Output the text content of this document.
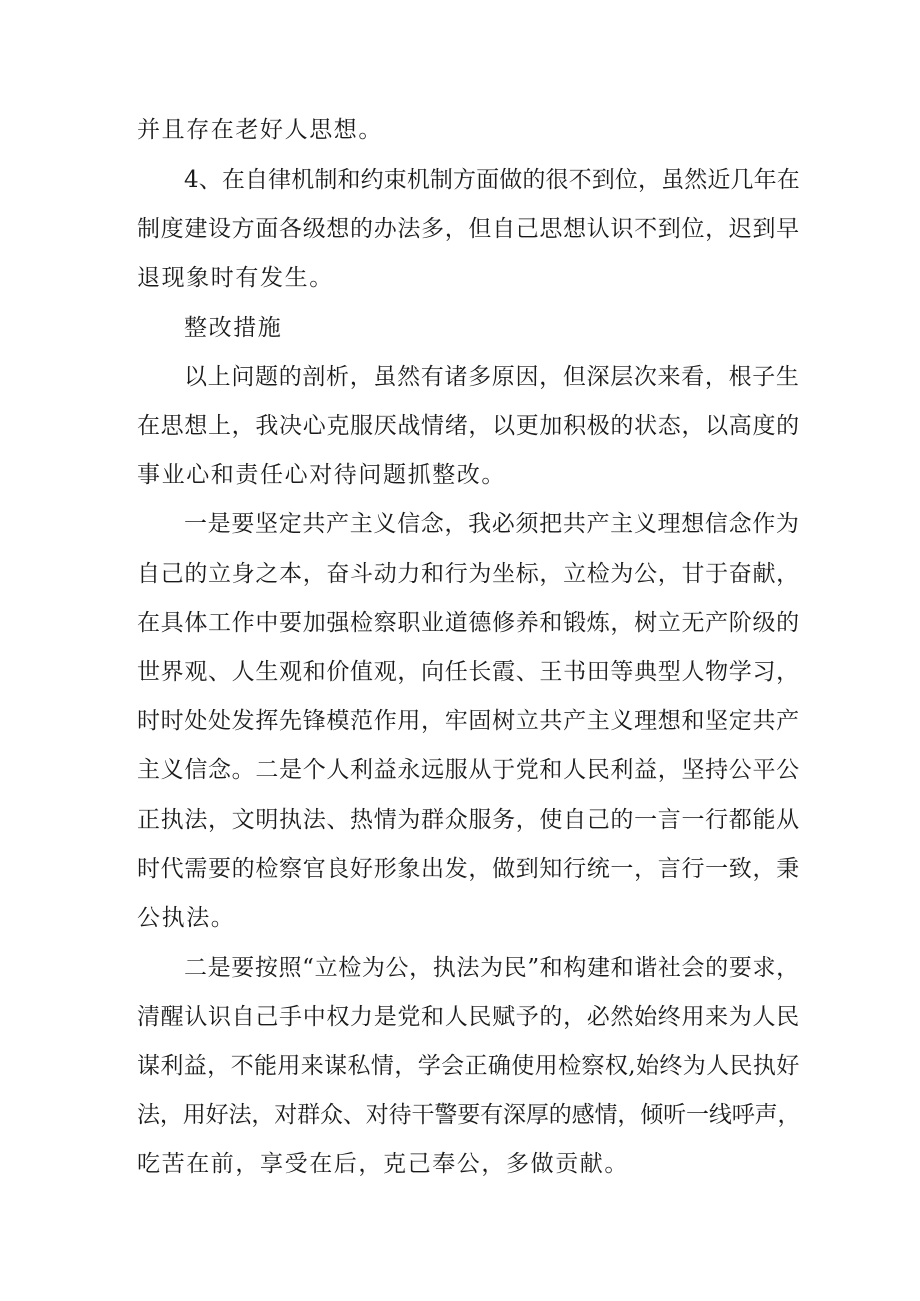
并且存在老好人思想。
4、在自律机制和约束机制方面做的很不到位，虽然近几年在
制度建设方面各级想的办法多，但自己思想认识不到位，迟到早
退现象时有发生。
整改措施
以上问题的剖析，虽然有诸多原因，但深层次来看，根子生
在思想上，我决心克服厌战情绪，以更加积极的状态，以高度的
事业心和责任心对待问题抓整改。
一是要坚定共产主义信念，我必须把共产主义理想信念作为
自己的立身之本，奋斗动力和行为坐标，立检为公，甘于奋献，
在具体工作中要加强检察职业道德修养和锻炼，树立无产阶级的
世界观、人生观和价值观，向任长霞、王书田等典型人物学习，
时时处处发挥先锋模范作用，牢固树立共产主义理想和坚定共产
主义信念。二是个人利益永远服从于党和人民利益，坚持公平公
正执法，文明执法、热情为群众服务，使自己的一言一行都能从
时代需要的检察官良好形象出发，做到知行统一，言行一致，秉
公执法。
二是要按照“立检为公，执法为民”和构建和谐社会的要求，
清醒认识自己手中权力是党和人民赋予的，必然始终用来为人民
谋利益，不能用来谋私情，学会正确使用检察权,始终为人民执好
法，用好法，对群众、对待干警要有深厚的感情，倾听一线呼声，
吃苦在前，享受在后，克己奉公，多做贡献。
